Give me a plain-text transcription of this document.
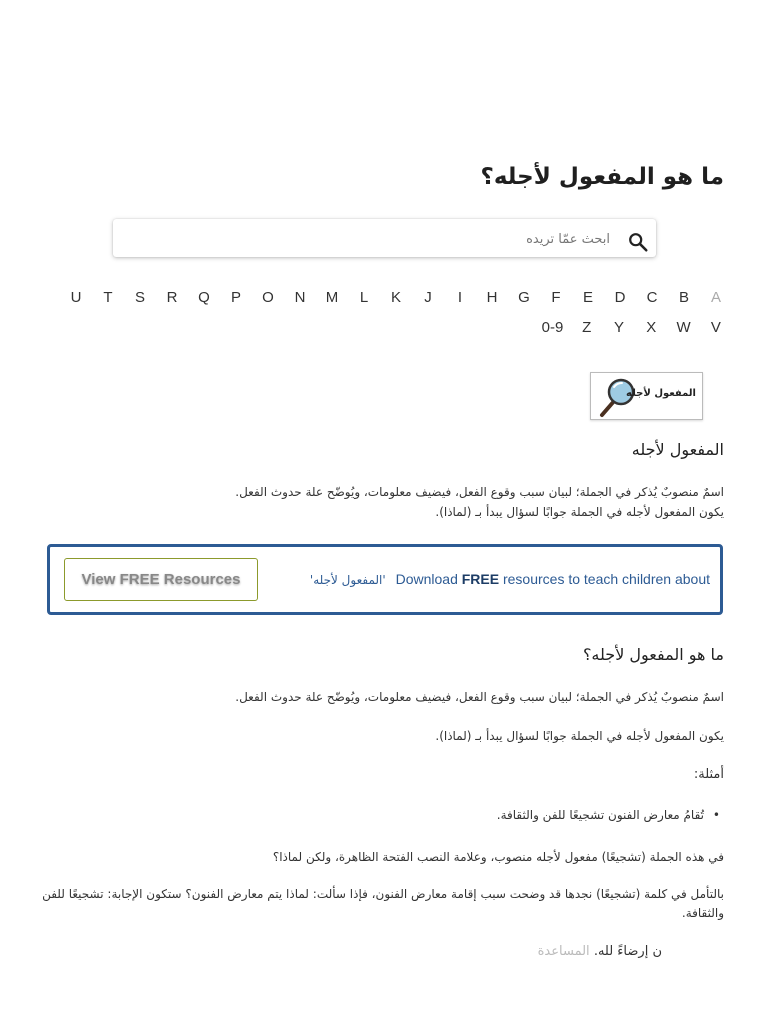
ما هو المفعول لأجله؟
ابحث عمّا تريده
A
B
C
D
E
F
G
H
I
J
K
L
M
N
O
P
Q
R
S
T
U
V
W
X
Y
Z
0-9
المفعول لأجله
المفعول لأجله
اسمٌ منصوبٌ يُذكر في الجملة؛ لبيان سبب وقوع الفعل، فيضيف معلومات، ويُوضّح علة حدوث الفعل.
يكون المفعول لأجله في الجملة جوابًا لسؤال يبدأ بـ (لماذا).
'المفعول لأجله' Download FREE resources to teach children about
View FREE Resources
ما هو المفعول لأجله؟
اسمٌ منصوبٌ يُذكر في الجملة؛ لبيان سبب وقوع الفعل، فيضيف معلومات، ويُوضّح علة حدوث الفعل.
يكون المفعول لأجله في الجملة جوابًا لسؤال يبدأ بـ (لماذا).
أمثلة:
•
تُقامُ معارض الفنون تشجيعًا للفن والثقافة.
في هذه الجملة (تشجيعًا) مفعول لأجله منصوب، وعلامة النصب الفتحة الظاهرة، ولكن لماذا؟
بالتأمل في كلمة (تشجيعًا) نجدها قد وضحت سبب إقامة معارض الفنون، فإذا سألت: لماذا يتم معارض الفنون؟ ستكون الإجابة: تشجيعًا للفن والثقافة.
ن إرضاءً لله. المساعدة
